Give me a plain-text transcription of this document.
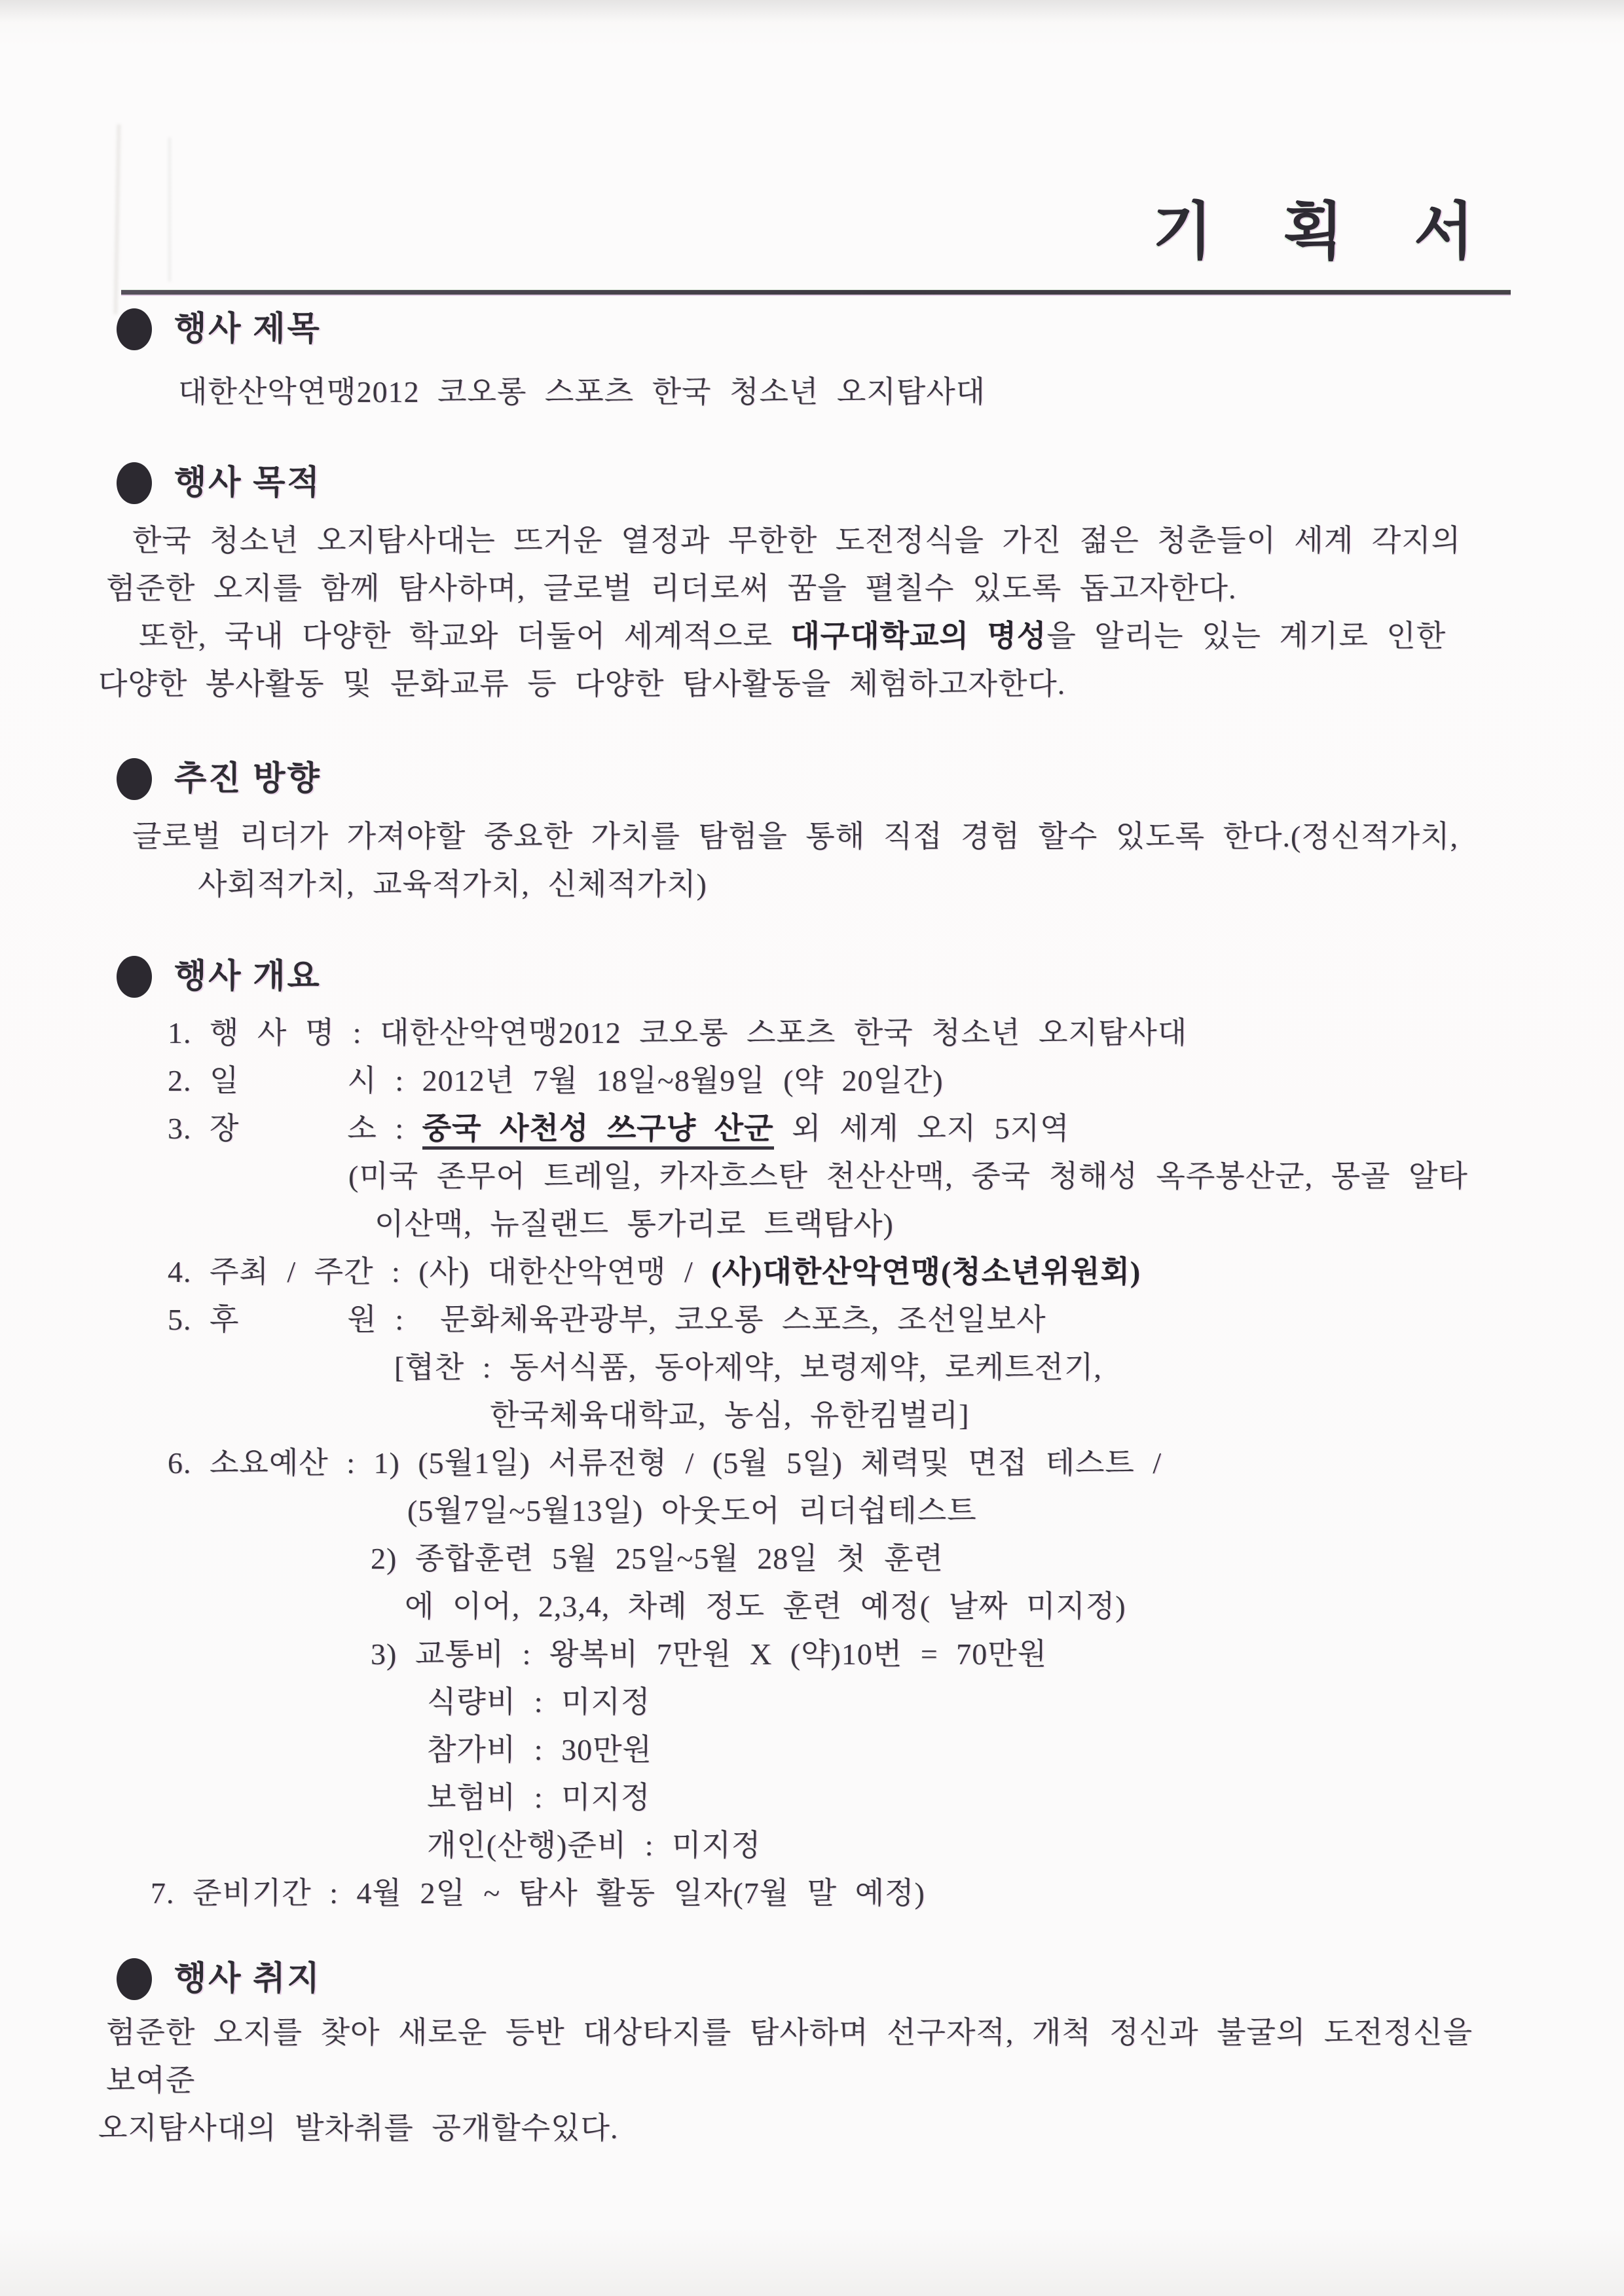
기 획 서
행사 제목
대한산악연맹2012 코오롱 스포츠 한국 청소년 오지탐사대
행사 목적
한국 청소년 오지탐사대는 뜨거운 열정과 무한한 도전정식을 가진 젊은 청춘들이 세계 각지의
험준한 오지를 함께 탐사하며, 글로벌 리더로써 꿈을 펼칠수 있도록 돕고자한다.
또한, 국내 다양한 학교와 더둘어 세계적으로 대구대학교의 명성을 알리는 있는 계기로 인한
다양한 봉사활동 및 문화교류 등 다양한 탐사활동을 체험하고자한다.
추진 방향
글로벌 리더가 가져야할 중요한 가치를 탐험을 통해 직접 경험 할수 있도록 한다.(정신적가치,
사회적가치, 교육적가치, 신체적가치)
행사 개요
1. 행 사 명 : 대한산악연맹2012 코오롱 스포츠 한국 청소년 오지탐사대
2. 일      시 : 2012년 7월 18일~8월9일 (약 20일간)
3. 장      소 : 중국 사천성 쓰구냥 산군 외 세계 오지 5지역
(미국 존무어 트레일, 카자흐스탄 천산산맥, 중국 청해성 옥주봉산군, 몽골 알타
이산맥, 뉴질랜드 통가리로 트랙탐사)
4. 주최 / 주간 : (사) 대한산악연맹 / (사)대한산악연맹(청소년위원회)
5. 후      원 :  문화체육관광부, 코오롱 스포츠, 조선일보사
[협찬 : 동서식품, 동아제약, 보령제약, 로케트전기,
한국체육대학교, 농심, 유한킴벌리]
6. 소요예산 : 1) (5월1일) 서류전형 / (5월 5일) 체력및 면접 테스트 /
(5월7일~5월13일) 아웃도어 리더쉽테스트
2) 종합훈련 5월 25일~5월 28일 첫 훈련
에 이어, 2,3,4, 차례 정도 훈련 예정( 날짜 미지정)
3) 교통비 : 왕복비 7만원 X (약)10번 = 70만원
식량비 : 미지정
참가비 : 30만원
보험비 : 미지정
개인(산행)준비 : 미지정
7. 준비기간 : 4월 2일 ~ 탐사 활동 일자(7월 말 예정)
행사 취지
험준한 오지를 찾아 새로운 등반 대상타지를 탐사하며 선구자적, 개척 정신과 불굴의 도전정신을 보여준
오지탐사대의 발차취를 공개할수있다.
